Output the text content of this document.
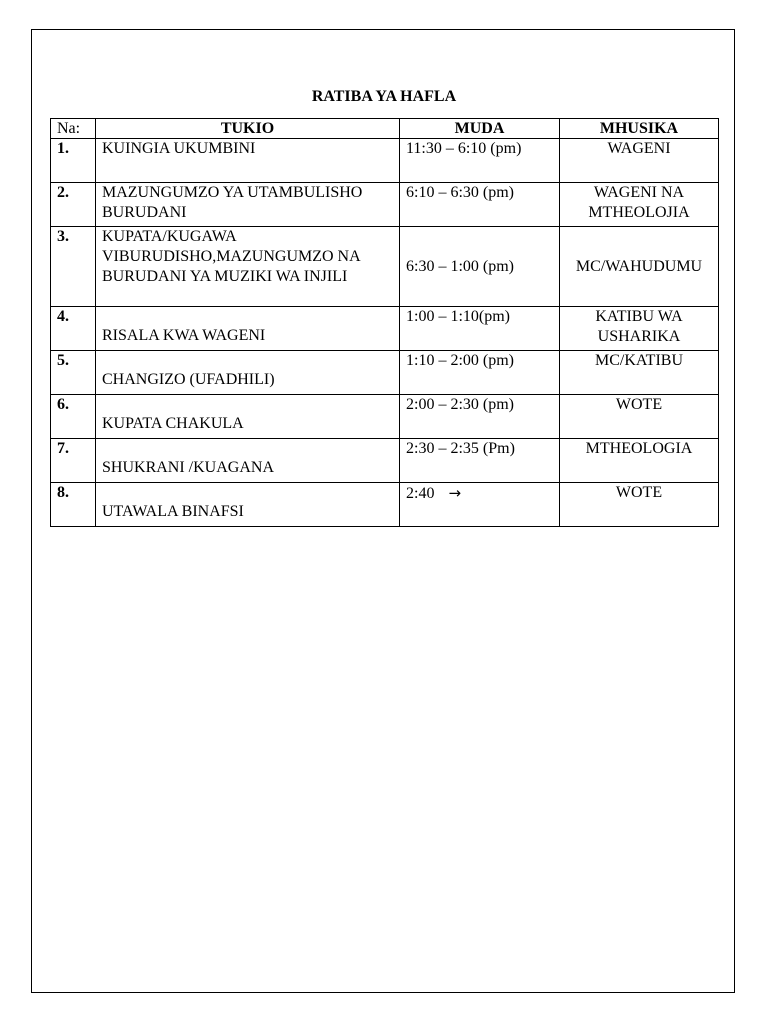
RATIBA YA HAFLA
Na:	TUKIO	MUDA	MHUSIKA
1.	KUINGIA UKUMBINI	11:30 – 6:10 (pm)	WAGENI
2.	MAZUNGUMZO YA UTAMBULISHO BURUDANI	6:10 – 6:30 (pm)	WAGENI NA MTHEOLOJIA
3.	KUPATA/KUGAWA VIBURUDISHO,MAZUNGUMZO NA BURUDANI YA MUZIKI WA INJILI	6:30 – 1:00 (pm)	MC/WAHUDUMU
4.	RISALA KWA WAGENI	1:00 – 1:10(pm)	KATIBU WA USHARIKA
5.	CHANGIZO (UFADHILI)	1:10 – 2:00 (pm)	MC/KATIBU
6.	KUPATA CHAKULA	2:00 – 2:30 (pm)	WOTE
7.	SHUKRANI /KUAGANA	2:30 – 2:35 (Pm)	MTHEOLOGIA
8.	UTAWALA BINAFSI	2:40 →	WOTE
